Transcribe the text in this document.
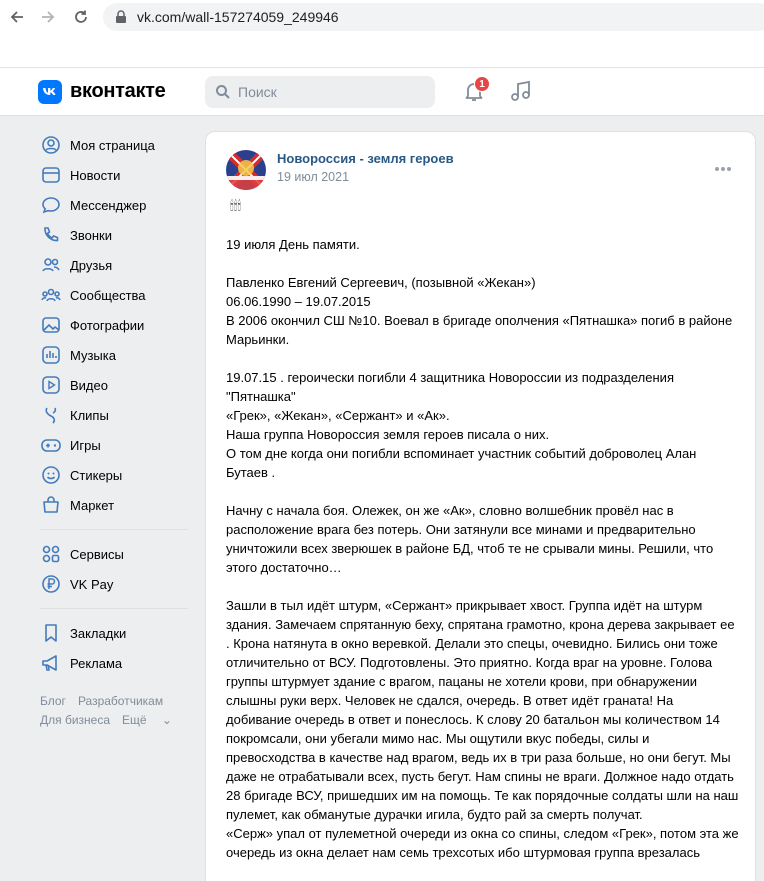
vk.com/wall-157274059_249946
вконтакте	Поиск	1
Моя страница
Новости
Мессенджер
Звонки
Друзья
Сообщества
Фотографии
Музыка
Видео
Клипы
Игры
Стикеры
Маркет
Сервисы
VK Pay
Закладки
Реклама
Блог Разработчикам
Для бизнеса Ещё ⌄
Новороссия - земля героев
19 июл 2021
🕯🕯🕯
19 июля День памяти.

Павленко Евгений Сергеевич, (позывной «Жекан»)
06.06.1990 – 19.07.2015
В 2006 окончил СШ №10. Воевал в бригаде ополчения «Пятнашка» погиб в районе Марьинки.

19.07.15 . героически погибли 4 защитника Новороссии из подразделения "Пятнашка"
«Грек», «Жекан», «Сержант» и «Ак».
Наша группа Новороссия земля героев писала о них.
О том дне когда они погибли вспоминает участник событий доброволец Алан Бутаев .

Начну с начала боя. Олежек, он же «Ак», словно волшебник провёл нас в расположение врага без потерь. Они затянули все минами и предварительно уничтожили всех зверюшек в районе БД, чтоб те не срывали мины. Решили, что этого достаточно…

Зашли в тыл идёт штурм, «Сержант» прикрывает хвост. Группа идёт на штурм здания. Замечаем спрятанную беху, спрятана грамотно, крона дерева закрывает ее . Крона натянута в окно веревкой. Делали это спецы, очевидно. Бились они тоже отличительно от ВСУ. Подготовлены. Это приятно. Когда враг на уровне. Голова группы штурмует здание с врагом, пацаны не хотели крови, при обнаружении слышны руки верх. Человек не сдался, очередь. В ответ идёт граната! На добивание очередь в ответ и понеслось. К слову 20 батальон мы количеством 14 покромсали, они убегали мимо нас. Мы ощутили вкус победы, силы и превосходства в качестве над врагом, ведь их в три раза больше, но они бегут. Мы даже не отрабатывали всех, пусть бегут. Нам спины не враги. Должное надо отдать 28 бригаде ВСУ, пришедших им на помощь. Те как порядочные солдаты шли на наш пулемет, как обманутые дурачки игила, будто рай за смерть получат.
«Серж» упал от пулеметной очереди из окна со спины, следом «Грек», потом эта же очередь из окна делает нам семь трехсотых ибо штурмовая группа врезалась
